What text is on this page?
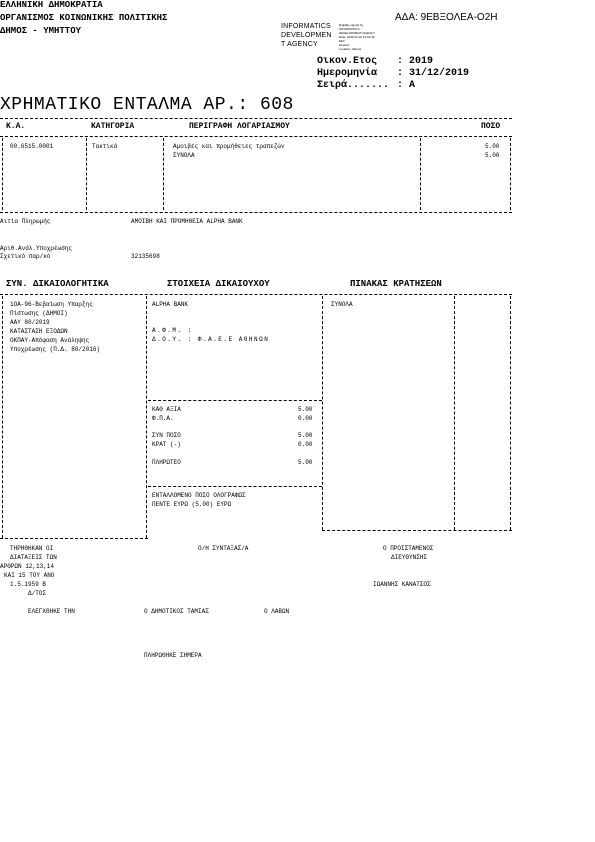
ΕΛΛΗΝΙΚΗ ΔΗΜΟΚΡΑΤΙΑ
ΟΡΓΑΝΙΣΜΟΣ ΚΟΙΝΩΝΙΚΗΣ ΠΟΛΙΤΙΚΗΣ
ΔΗΜΟΣ - ΥΜΗΤΤΟΥ
ΑΔΑ: 9ΕΒΞΟΛΕΑ-Ο2Η
INFORMATICS
DEVELOPMEN
T AGENCY
Digitally signed by
INFORMATICS
DEVELOPMENT AGENCY
Date: 2020.01.09 13:02:15
EET
Reason:
Location: Athens
Οικον.Ετος : 2019
Ημερομηνία : 31/12/2019
Σειρά....... : Α
ΧΡΗΜΑΤΙΚΟ ΕΝΤΑΛΜΑ ΑΡ.: 608
Κ.Α.	ΚΑΤΗΓΟΡΙΑ	ΠΕΡΙΓΡΑΦΗ ΛΟΓΑΡΙΑΣΜΟΥ	ΠΟΣΟ
00.6515.0001	Τακτικά	Αμοιβές και προμήθειες τραπεζών	5.00
ΣΥΝΟΛΑ	5.00
Αιτία Πληρωμής	ΑΜΟΙΒΗ ΚΑΙ ΠΡΟΜΗΘΕΙΑ ALPHA BANK
Αριθ.Ανάλ.Υποχρέωσης
Σχετικό παρ/κό	32135698
ΣΥΝ. ΔΙΚΑΙΟΛΟΓΗΤΙΚΑ	ΣΤΟΙΧΕΙΑ ΔΙΚΑΙΟΥΧΟΥ	ΠΙΝΑΚΑΣ ΚΡΑΤΗΣΕΩΝ
1ΟΑ-96-Βεβαίωση Υπαρξης
Πίστωσης (ΔΗΜΟΙ)
ΑΑΥ 80/2019
ΚΑΤΑΣΤΑΣΗ ΕΞΟΔΩΝ
ΟΚΠΑΥ-Απόφαση Ανάληψης
Υποχρέωσης (Π.Δ. 80/2016)
ALPHA BANK
Α.Φ.Μ. :
Δ.Ο.Υ. : Φ.Α.Ε.Ε ΑΘΗΝΩΝ
ΣΥΝΟΛΑ
ΚΑΘ ΑΞΙΑ	5.00
Φ.Π.Α.	0.00
ΣΥΝ ΠΟΣΟ	5.00
ΚΡΑΤ (-)	0.00
ΠΛΗΡΩΤΕΟ	5.00
ΕΝΤΑΛΛΟΜΕΝΟ ΠΟΣΟ ΟΛΟΓΡΑΦΩΣ
ΠΕΝΤΕ ΕΥΡΩ (5.00) ΕΥΡΩ
ΤΗΡΗΘΗΚΑΝ ΟΙ
ΔΙΑΤΑΞΕΙΣ ΤΩΝ
ΑΡΘΡΩΝ 12,13,14
ΚΑΙ 15 ΤΟΥ ΑΝΟ
1.5.1959 Β
Δ/ΤΟΣ
Ο/Η ΣΥΝΤΑΞΑΣ/Α	Ο ΠΡΟΙΣΤΑΜΕΝΟΣ
ΔΙΕΥΘΥΝΣΗΣ
ΙΩΑΝΝΗΣ ΚΑΝΑΤΣΟΣ
ΕΛΕΓΧΘΗΚΕ ΤΗΝ	Ο ΔΗΜΟΤΙΚΟΣ ΤΑΜΙΑΣ	Ο ΛΑΒΩΝ
ΠΛΗΡΩΘΗΚΕ ΣΗΜΕΡΑ
